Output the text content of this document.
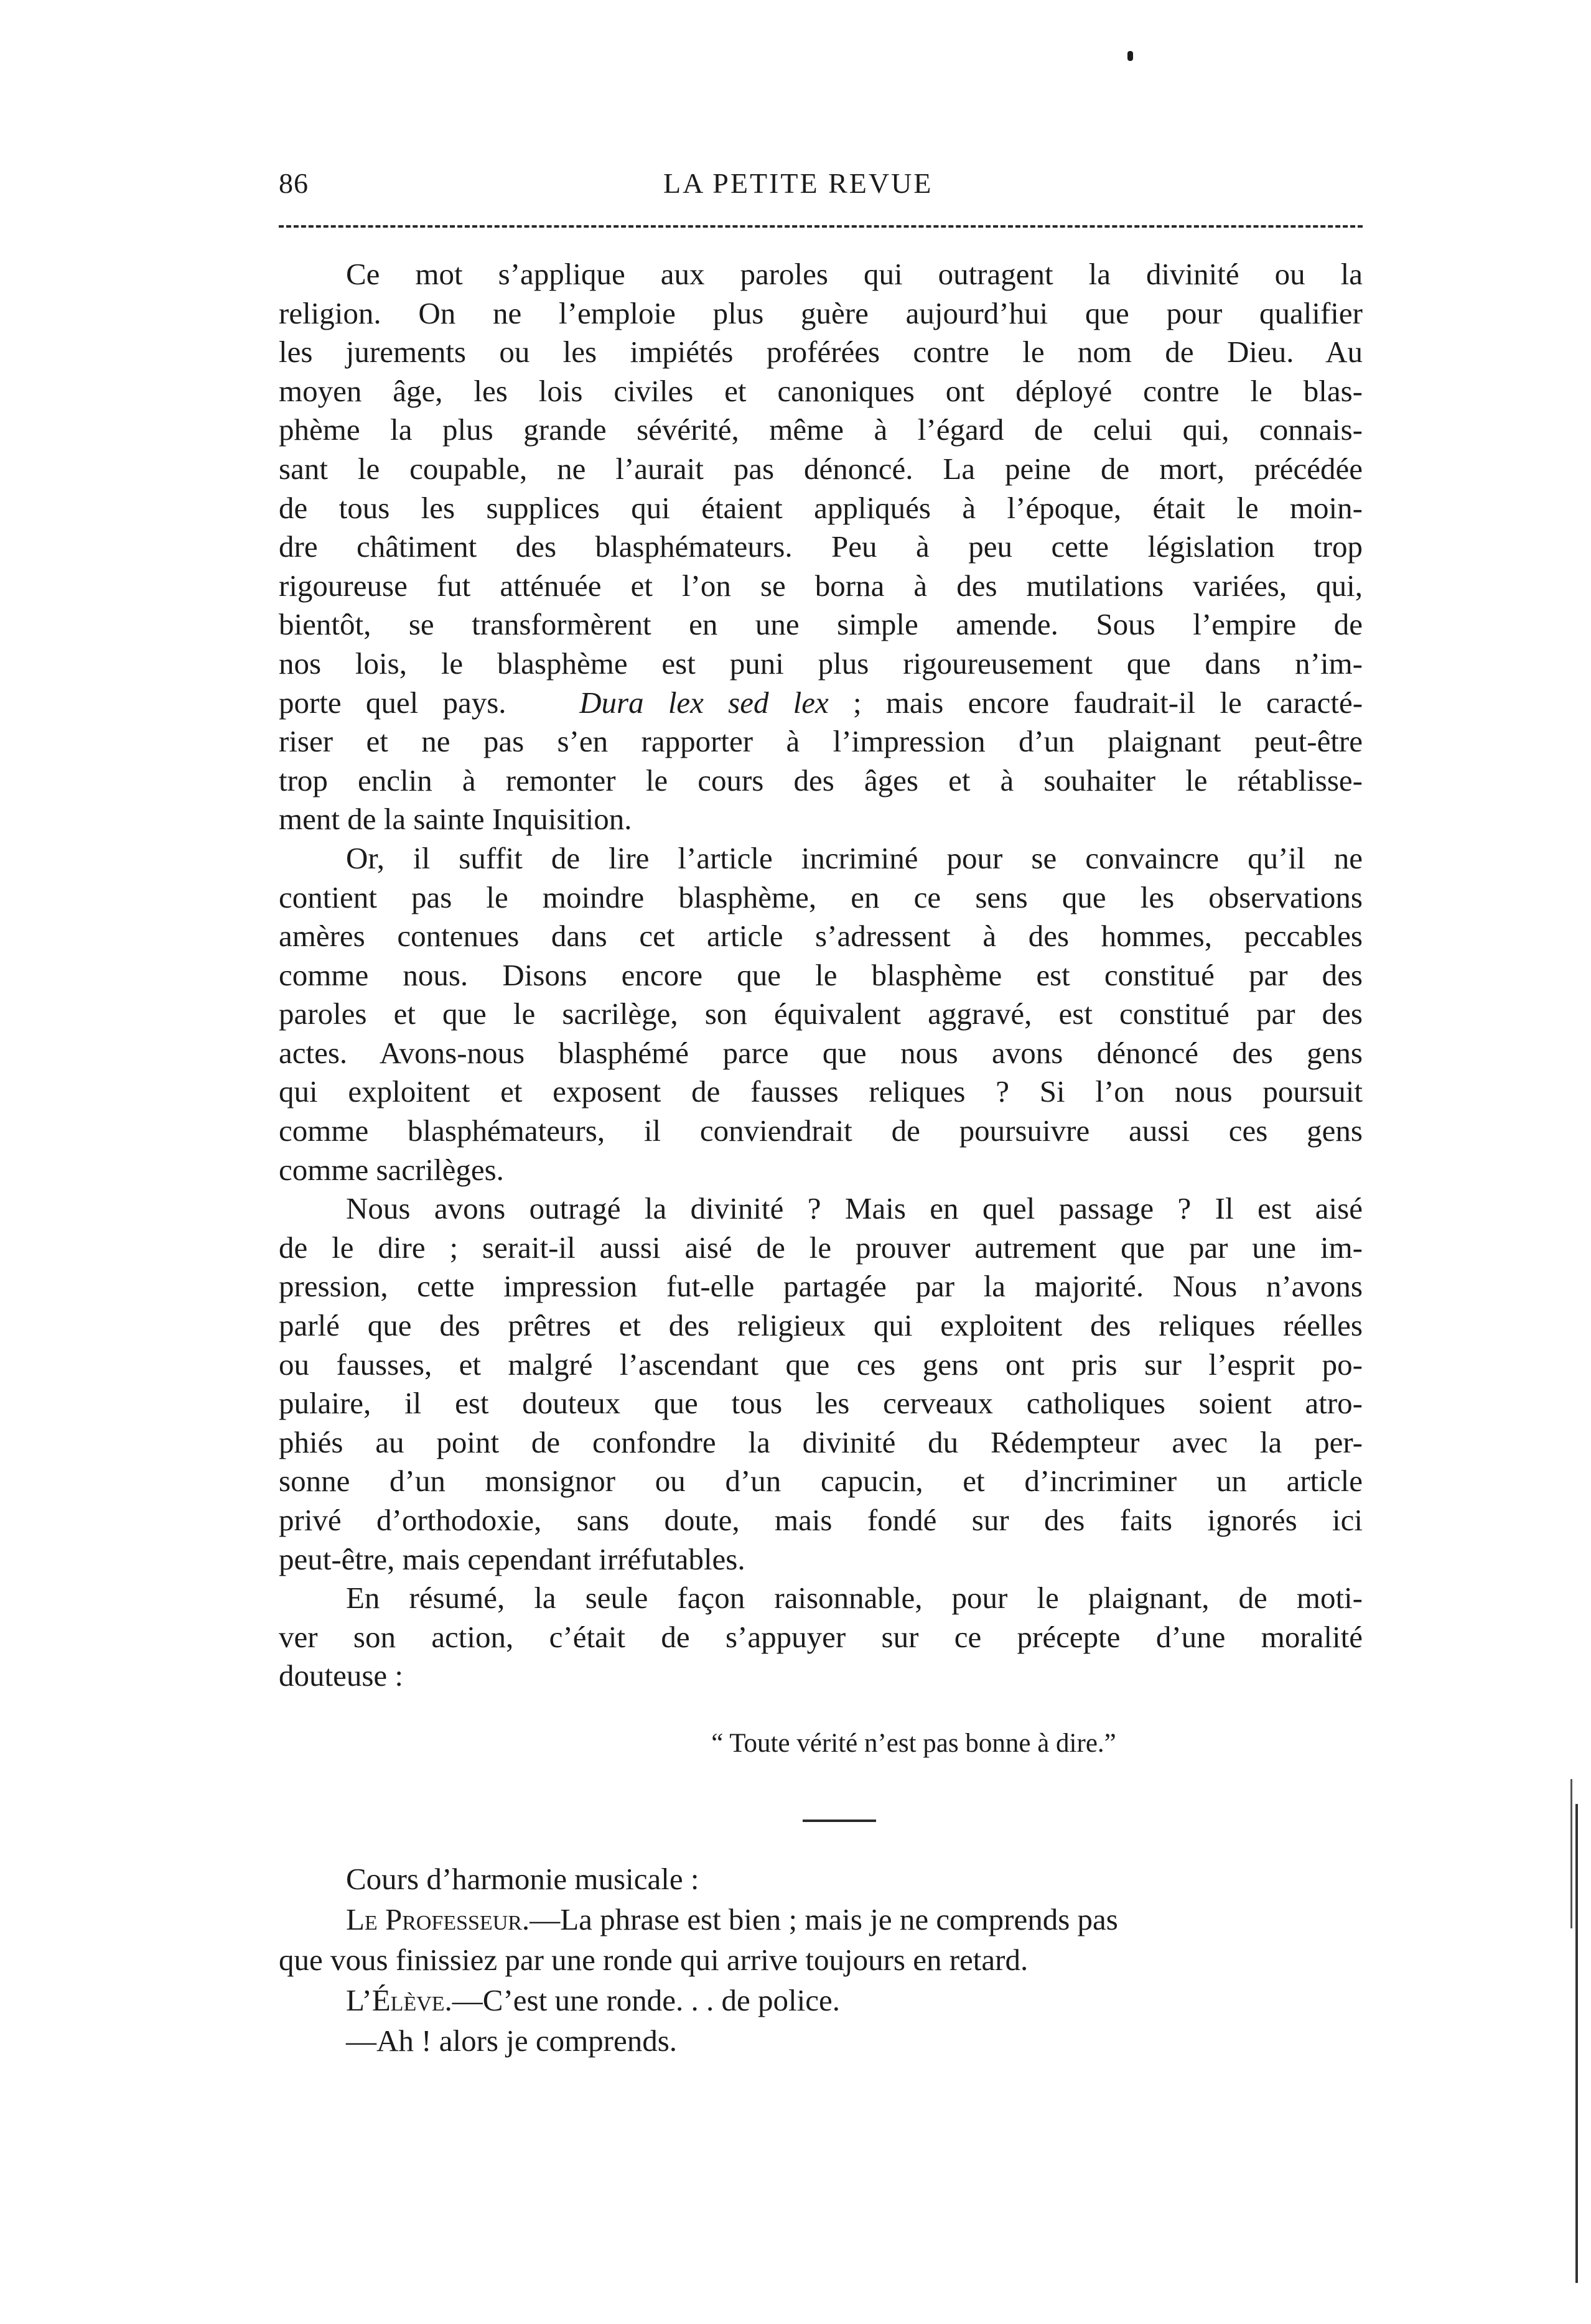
86	LA PETITE REVUE
Ce mot s’applique aux paroles qui outragent la divinité ou la
religion. On ne l’emploie plus guère aujourd’hui que pour qualifier
les jurements ou les impiétés proférées contre le nom de Dieu. Au
moyen âge, les lois civiles et canoniques ont déployé contre le blas-
phème la plus grande sévérité, même à l’égard de celui qui, connais-
sant le coupable, ne l’aurait pas dénoncé. La peine de mort, précédée
de tous les supplices qui étaient appliqués à l’époque, était le moin-
dre châtiment des blasphémateurs. Peu à peu cette législation trop
rigoureuse fut atténuée et l’on se borna à des mutilations variées, qui,
bientôt, se transformèrent en une simple amende. Sous l’empire de
nos lois, le blasphème est puni plus rigoureusement que dans n’im-
porte quel pays. Dura lex sed lex ; mais encore faudrait-il le caracté-
riser et ne pas s’en rapporter à l’impression d’un plaignant peut-être
trop enclin à remonter le cours des âges et à souhaiter le rétablisse-
ment de la sainte Inquisition.
Or, il suffit de lire l’article incriminé pour se convaincre qu’il ne
contient pas le moindre blasphème, en ce sens que les observations
amères contenues dans cet article s’adressent à des hommes, peccables
comme nous. Disons encore que le blasphème est constitué par des
paroles et que le sacrilège, son équivalent aggravé, est constitué par des
actes. Avons-nous blasphémé parce que nous avons dénoncé des gens
qui exploitent et exposent de fausses reliques ? Si l’on nous poursuit
comme blasphémateurs, il conviendrait de poursuivre aussi ces gens
comme sacrilèges.
Nous avons outragé la divinité ? Mais en quel passage ? Il est aisé
de le dire ; serait-il aussi aisé de le prouver autrement que par une im-
pression, cette impression fut-elle partagée par la majorité. Nous n’avons
parlé que des prêtres et des religieux qui exploitent des reliques réelles
ou fausses, et malgré l’ascendant que ces gens ont pris sur l’esprit po-
pulaire, il est douteux que tous les cerveaux catholiques soient atro-
phiés au point de confondre la divinité du Rédempteur avec la per-
sonne d’un monsignor ou d’un capucin, et d’incriminer un article
privé d’orthodoxie, sans doute, mais fondé sur des faits ignorés ici
peut-être, mais cependant irréfutables.
En résumé, la seule façon raisonnable, pour le plaignant, de moti-
ver son action, c’était de s’appuyer sur ce précepte d’une moralité
douteuse :
“ Toute vérité n’est pas bonne à dire.”
Cours d’harmonie musicale :
Le Professeur.—La phrase est bien ; mais je ne comprends pas
que vous finissiez par une ronde qui arrive toujours en retard.
L’Élève.—C’est une ronde. . . de police.
—Ah ! alors je comprends.
